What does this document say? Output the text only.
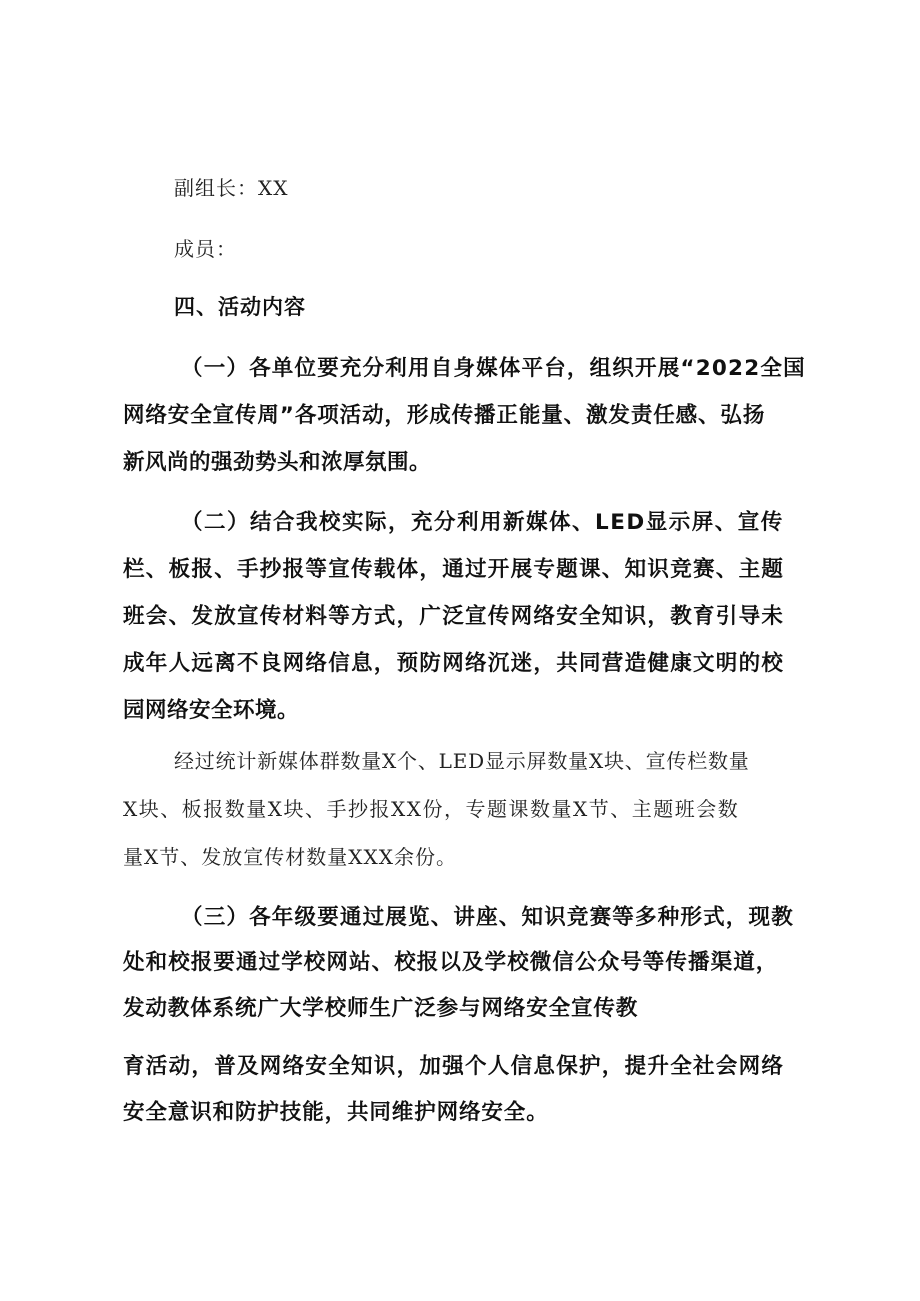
副组长：XX

成员：

四、活动内容

（一）各单位要充分利用自身媒体平台，组织开展“2022全国

网络安全宣传周”各项活动，形成传播正能量、激发责任感、弘扬

新风尚的强劲势头和浓厚氛围。

（二）结合我校实际，充分利用新媒体、LED显示屏、宣传

栏、板报、手抄报等宣传载体，通过开展专题课、知识竞赛、主题

班会、发放宣传材料等方式，广泛宣传网络安全知识，教育引导未

成年人远离不良网络信息，预防网络沉迷，共同营造健康文明的校

园网络安全环境。

经过统计新媒体群数量X个、LED显示屏数量X块、宣传栏数量

X块、板报数量X块、手抄报XX份，专题课数量X节、主题班会数

量X节、发放宣传材数量XXX余份。

（三）各年级要通过展览、讲座、知识竞赛等多种形式，现教

处和校报要通过学校网站、校报以及学校微信公众号等传播渠道，

发动教体系统广大学校师生广泛参与网络安全宣传教

育活动，普及网络安全知识，加强个人信息保护，提升全社会网络

安全意识和防护技能，共同维护网络安全。
